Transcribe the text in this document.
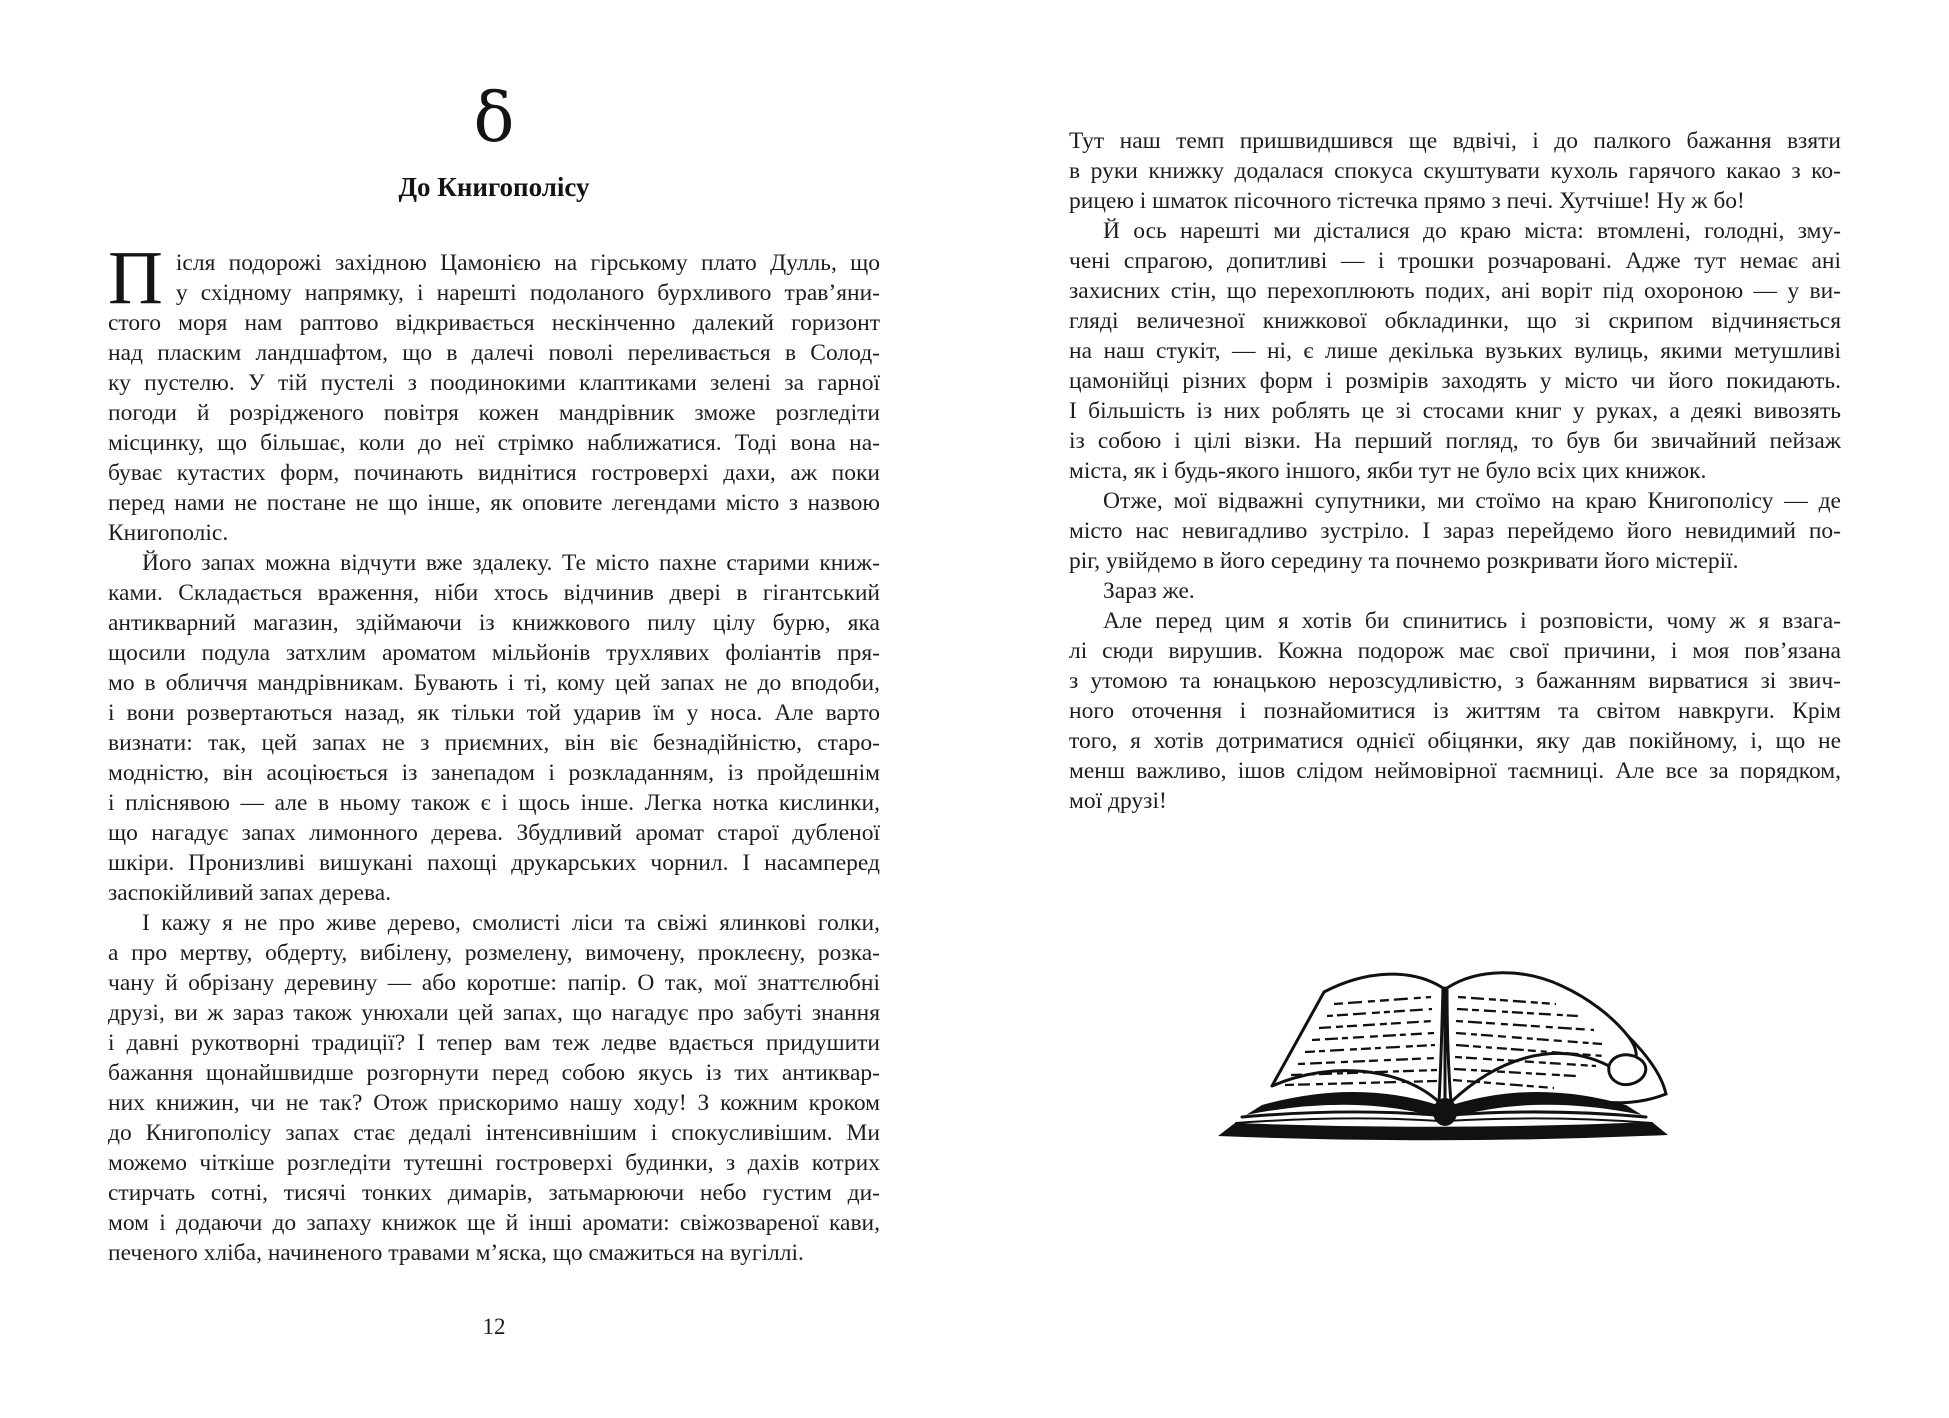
δ
До Книгополісу
П ісля подорожі західною Цамонією на гірському плато Дулль, що
у східному напрямку, і нарешті подоланого бурхливого трав’яни-
стого моря нам раптово відкривається нескінченно далекий горизонт
над пласким ландшафтом, що в далечі поволі переливається в Солод-
ку пустелю. У тій пустелі з поодинокими клаптиками зелені за гарної
погоди й розрідженого повітря кожен мандрівник зможе розгледіти
місцинку, що більшає, коли до неї стрімко наближатися. Тоді вона на-
буває кутастих форм, починають виднітися гостроверхі дахи, аж поки
перед нами не постане не що інше, як оповите легендами місто з назвою
Книгополіс.
Його запах можна відчути вже здалеку. Те місто пахне старими книж-
ками. Складається враження, ніби хтось відчинив двері в гігантський
антикварний магазин, здіймаючи із книжкового пилу цілу бурю, яка
щосили подула затхлим ароматом мільйонів трухлявих фоліантів пря-
мо в обличчя мандрівникам. Бувають і ті, кому цей запах не до вподоби,
і вони розвертаються назад, як тільки той ударив їм у носа. Але варто
визнати: так, цей запах не з приємних, він віє безнадійністю, старо-
модністю, він асоціюється із занепадом і розкладанням, із пройдешнім
і пліснявою — але в ньому також є і щось інше. Легка нотка кислинки,
що нагадує запах лимонного дерева. Збудливий аромат старої дубленої
шкіри. Пронизливі вишукані пахощі друкарських чорнил. І насамперед
заспокійливий запах дерева.
І кажу я не про живе дерево, смолисті ліси та свіжі ялинкові голки,
а про мертву, обдерту, вибілену, розмелену, вимочену, проклеєну, розка-
чану й обрізану деревину — або коротше: папір. О так, мої знаттєлюбні
друзі, ви ж зараз також унюхали цей запах, що нагадує про забуті знання
і давні рукотворні традиції? І тепер вам теж ледве вдається придушити
бажання щонайшвидше розгорнути перед собою якусь із тих антиквар-
них книжин, чи не так? Отож прискоримо нашу ходу! З кожним кроком
до Книгополісу запах стає дедалі інтенсивнішим і спокусливішим. Ми
можемо чіткіше розгледіти тутешні гостроверхі будинки, з дахів котрих
стирчать сотні, тисячі тонких димарів, затьмарюючи небо густим ди-
мом і додаючи до запаху книжок ще й інші аромати: свіжозвареної кави,
печеного хліба, начиненого травами м’яска, що смажиться на вугіллі.
12
Тут наш темп пришвидшився ще вдвічі, і до палкого бажання взяти
в руки книжку додалася спокуса скуштувати кухоль гарячого какао з ко-
рицею і шматок пісочного тістечка прямо з печі. Хутчіше! Ну ж бо!
Й ось нарешті ми дісталися до краю міста: втомлені, голодні, зму-
чені спрагою, допитливі — і трошки розчаровані. Адже тут немає ані
захисних стін, що перехоплюють подих, ані воріт під охороною — у ви-
гляді величезної книжкової обкладинки, що зі скрипом відчиняється
на наш стукіт, — ні, є лише декілька вузьких вулиць, якими метушливі
цамонійці різних форм і розмірів заходять у місто чи його покидають.
І більшість із них роблять це зі стосами книг у руках, а деякі вивозять
із собою і цілі візки. На перший погляд, то був би звичайний пейзаж
міста, як і будь-якого іншого, якби тут не було всіх цих книжок.
Отже, мої відважні супутники, ми стоїмо на краю Книгополісу — де
місто нас невигадливо зустріло. І зараз перейдемо його невидимий по-
ріг, увійдемо в його середину та почнемо розкривати його містерії.
Зараз же.
Але перед цим я хотів би спинитись і розповісти, чому ж я взага-
лі сюди вирушив. Кожна подорож має свої причини, і моя пов’язана
з утомою та юнацькою нерозсудливістю, з бажанням вирватися зі звич-
ного оточення і познайомитися із життям та світом навкруги. Крім
того, я хотів дотриматися однієї обіцянки, яку дав покійному, і, що не
менш важливо, ішов слідом неймовірної таємниці. Але все за порядком,
мої друзі!
